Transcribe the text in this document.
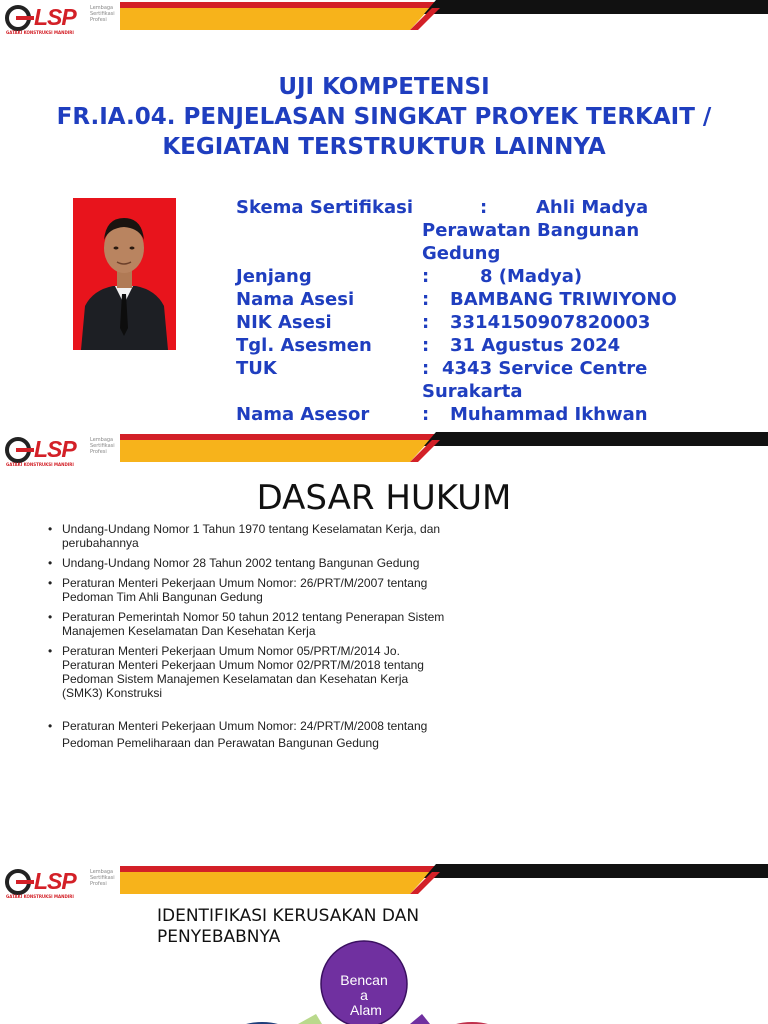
LSP	Lembaga Sertifikasi Profesi
GATAKI KONSTRUKSI MANDIRI
UJI KOMPETENSI
FR.IA.04. PENJELASAN SINGKAT PROYEK TERKAIT /
KEGIATAN TERSTRUKTUR LAINNYA
Skema Sertifikasi	:	Ahli Madya Perawatan Bangunan Gedung
Jenjang	:	8 (Madya)
Nama Asesi	: BAMBANG TRIWIYONO
NIK Asesi	: 3314150907820003
Tgl. Asesmen	: 31 Agustus 2024
TUK	: 4343 Service Centre Surakarta
Nama Asesor	: Muhammad Ikhwan
LSP	Lembaga Sertifikasi Profesi
GATAKI KONSTRUKSI MANDIRI
DASAR HUKUM
• Undang-Undang Nomor 1 Tahun 1970 tentang Keselamatan Kerja, dan perubahannya
• Undang-Undang Nomor 28 Tahun 2002 tentang Bangunan Gedung
• Peraturan Menteri Pekerjaan Umum Nomor: 26/PRT/M/2007 tentang Pedoman Tim Ahli Bangunan Gedung
• Peraturan Pemerintah Nomor 50 tahun 2012 tentang Penerapan Sistem Manajemen Keselamatan Dan Kesehatan Kerja
• Peraturan Menteri Pekerjaan Umum Nomor 05/PRT/M/2014 Jo. Peraturan Menteri Pekerjaan Umum Nomor 02/PRT/M/2018 tentang Pedoman Sistem Manajemen Keselamatan dan Kesehatan Kerja (SMK3) Konstruksi
• Peraturan Menteri Pekerjaan Umum Nomor: 24/PRT/M/2008 tentang Pedoman Pemeliharaan dan Perawatan Bangunan Gedung
LSP	Lembaga Sertifikasi Profesi
GATAKI KONSTRUKSI MANDIRI
IDENTIFIKASI KERUSAKAN DAN PENYEBABNYA
Bencan
a
Alam
